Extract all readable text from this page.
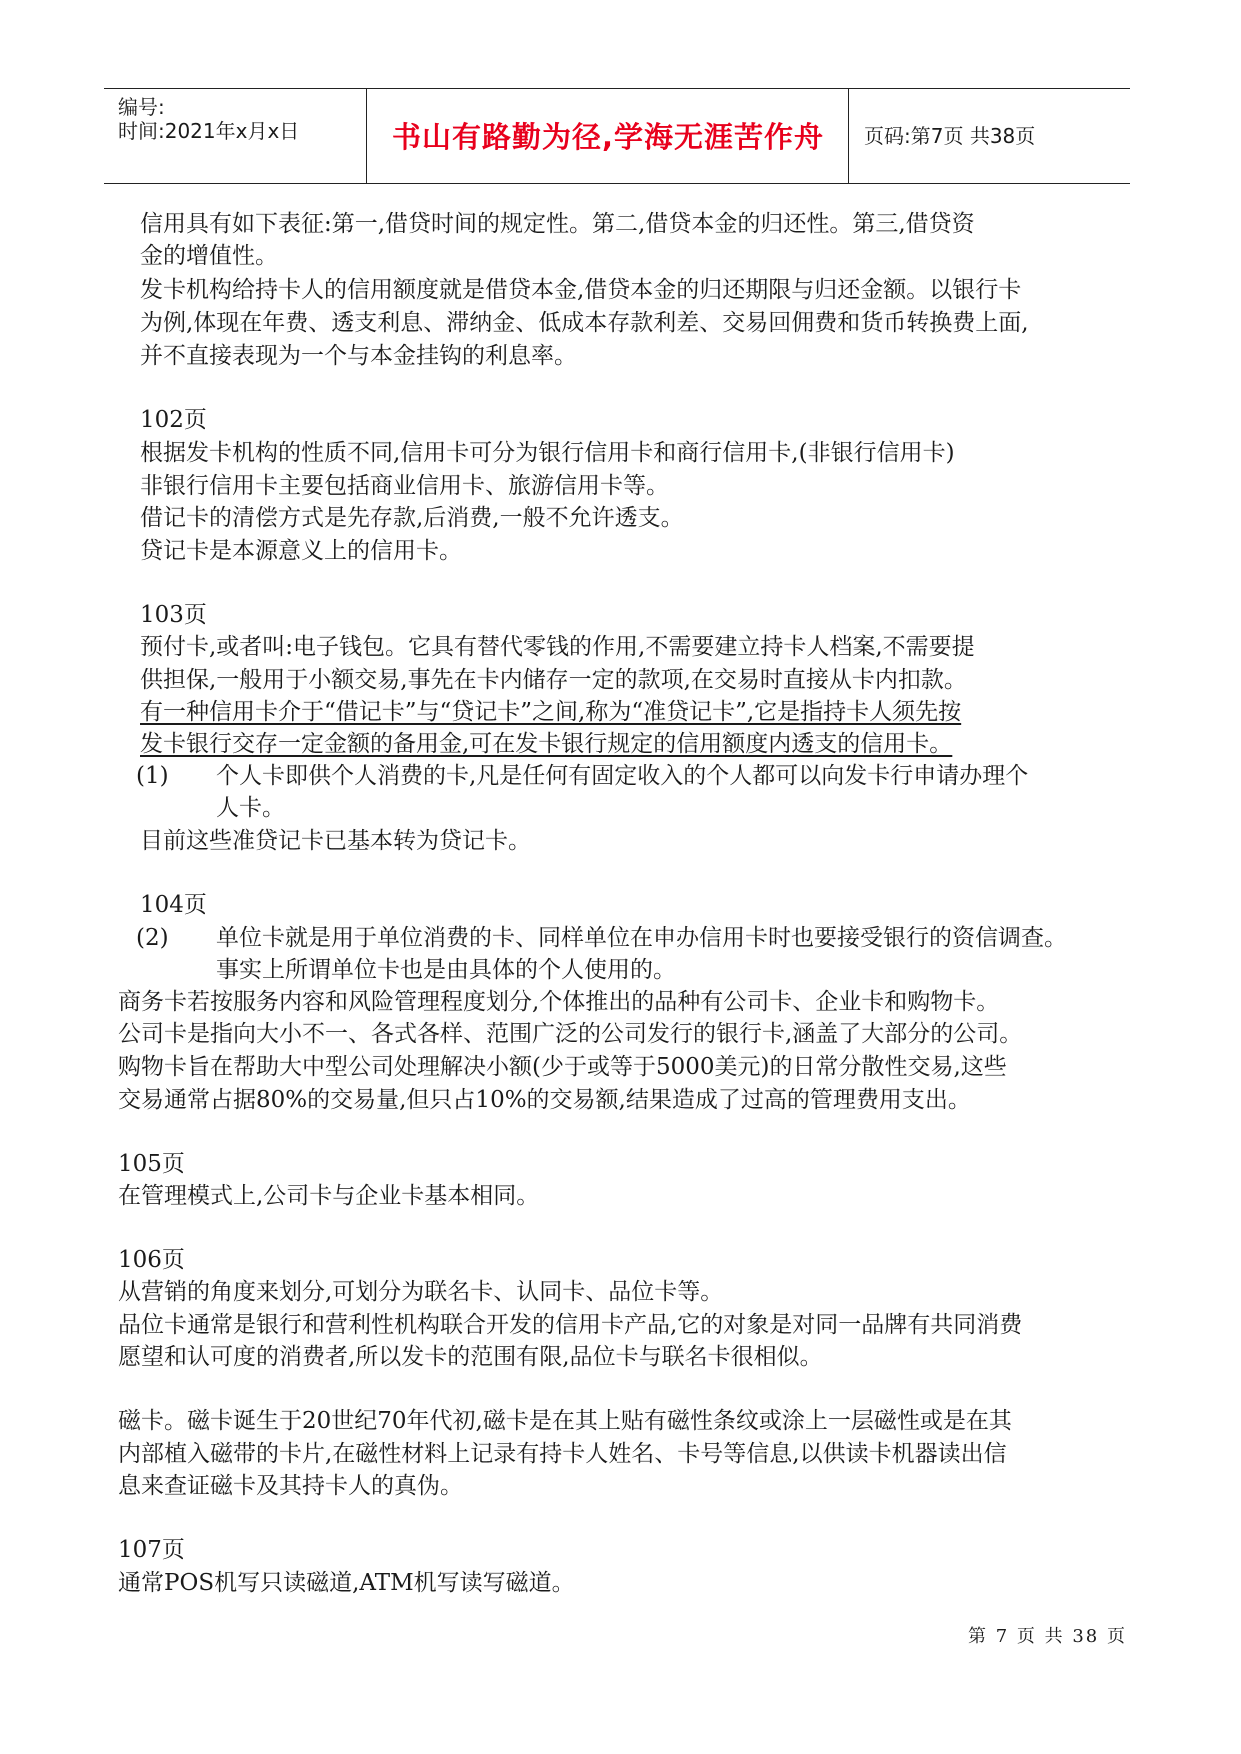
编号:
时间:2021年x月x日	书山有路勤为径,学海无涯苦作舟	页码:第7页 共38页
信用具有如下表征:第一,借贷时间的规定性。第二,借贷本金的归还性。第三,借贷资
金的增值性。
发卡机构给持卡人的信用额度就是借贷本金,借贷本金的归还期限与归还金额。以银行卡
为例,体现在年费、透支利息、滞纳金、低成本存款利差、交易回佣费和货币转换费上面,
并不直接表现为一个与本金挂钩的利息率。
102页
根据发卡机构的性质不同,信用卡可分为银行信用卡和商行信用卡,(非银行信用卡)
非银行信用卡主要包括商业信用卡、旅游信用卡等。
借记卡的清偿方式是先存款,后消费,一般不允许透支。
贷记卡是本源意义上的信用卡。
103页
预付卡,或者叫:电子钱包。它具有替代零钱的作用,不需要建立持卡人档案,不需要提
供担保,一般用于小额交易,事先在卡内储存一定的款项,在交易时直接从卡内扣款。
有一种信用卡介于“借记卡”与“贷记卡”之间,称为“准贷记卡”,它是指持卡人须先按
发卡银行交存一定金额的备用金,可在发卡银行规定的信用额度内透支的信用卡。
(1) 个人卡即供个人消费的卡,凡是任何有固定收入的个人都可以向发卡行申请办理个
人卡。
目前这些准贷记卡已基本转为贷记卡。
104页
(2) 单位卡就是用于单位消费的卡、同样单位在申办信用卡时也要接受银行的资信调查。
事实上所谓单位卡也是由具体的个人使用的。
商务卡若按服务内容和风险管理程度划分,个体推出的品种有公司卡、企业卡和购物卡。
公司卡是指向大小不一、各式各样、范围广泛的公司发行的银行卡,涵盖了大部分的公司。
购物卡旨在帮助大中型公司处理解决小额(少于或等于5000美元)的日常分散性交易,这些
交易通常占据80%的交易量,但只占10%的交易额,结果造成了过高的管理费用支出。
105页
在管理模式上,公司卡与企业卡基本相同。
106页
从营销的角度来划分,可划分为联名卡、认同卡、品位卡等。
品位卡通常是银行和营利性机构联合开发的信用卡产品,它的对象是对同一品牌有共同消费
愿望和认可度的消费者,所以发卡的范围有限,品位卡与联名卡很相似。
磁卡。磁卡诞生于20世纪70年代初,磁卡是在其上贴有磁性条纹或涂上一层磁性或是在其
内部植入磁带的卡片,在磁性材料上记录有持卡人姓名、卡号等信息,以供读卡机器读出信
息来查证磁卡及其持卡人的真伪。
107页
通常POS机写只读磁道,ATM机写读写磁道。
第 7 页 共 38 页
